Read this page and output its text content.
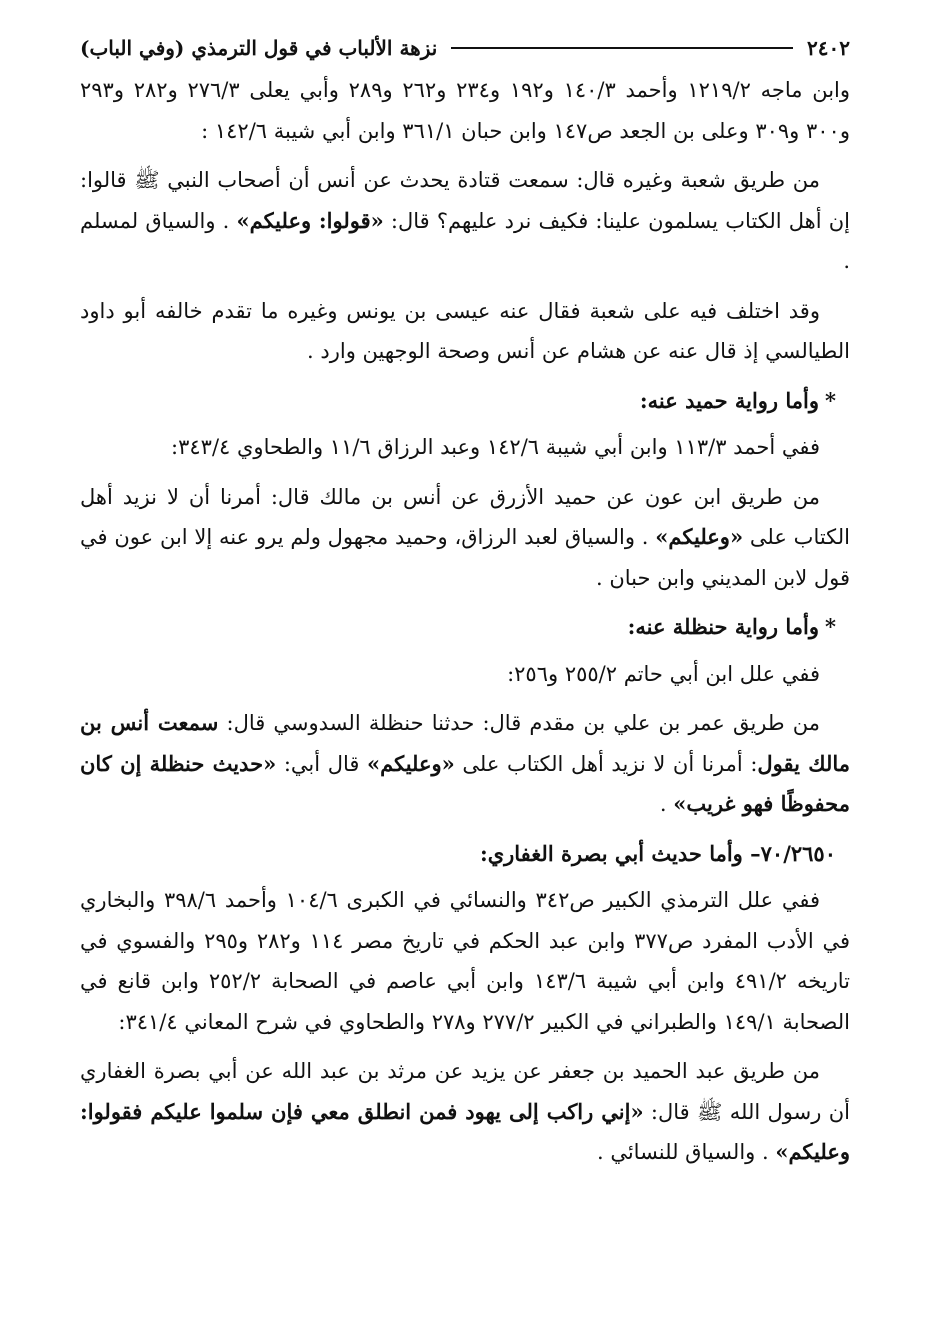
٢٤٠٢
نزهة الألباب في قول الترمذي (وفي الباب)

وابن ماجه ١٢١٩/٢ وأحمد ١٤٠/٣ و١٩٢ و٢٣٤ و٢٦٢ و٢٨٩ وأبي يعلى ٢٧٦/٣ و٢٨٢ و٢٩٣ و٣٠٠ و٣٠٩ وعلى بن الجعد ص١٤٧ وابن حبان ٣٦١/١ وابن أبي شيبة ١٤٢/٦ :

من طريق شعبة وغيره قال: سمعت قتادة يحدث عن أنس أن أصحاب النبي ﷺ قالوا: إن أهل الكتاب يسلمون علينا: فكيف نرد عليهم؟ قال: «قولوا: وعليكم» . والسياق لمسلم .

وقد اختلف فيه على شعبة فقال عنه عيسى بن يونس وغيره ما تقدم خالفه أبو داود الطيالسي إذ قال عنه عن هشام عن أنس وصحة الوجهين وارد .

*وأما رواية حميد عنه:

ففي أحمد ١١٣/٣ وابن أبي شيبة ١٤٢/٦ وعبد الرزاق ١١/٦ والطحاوي ٣٤٣/٤:

من طريق ابن عون عن حميد الأزرق عن أنس بن مالك قال: أمرنا أن لا نزيد أهل الكتاب على «وعليكم» . والسياق لعبد الرزاق، وحميد مجهول ولم يرو عنه إلا ابن عون في قول لابن المديني وابن حبان .

*وأما رواية حنظلة عنه:

ففي علل ابن أبي حاتم ٢٥٥/٢ و٢٥٦:

من طريق عمر بن علي بن مقدم قال: حدثنا حنظلة السدوسي قال: سمعت أنس بن مالك يقول: أمرنا أن لا نزيد أهل الكتاب على «وعليكم» قال أبي: «حديث حنظلة إن كان محفوظًا فهو غريب» .

٧٠/٢٦٥٠– وأما حديث أبي بصرة الغفاري:

ففي علل الترمذي الكبير ص٣٤٢ والنسائي في الكبرى ١٠٤/٦ وأحمد ٣٩٨/٦ والبخاري في الأدب المفرد ص٣٧٧ وابن عبد الحكم في تاريخ مصر ١١٤ و٢٨٢ و٢٩٥ والفسوي في تاريخه ٤٩١/٢ وابن أبي شيبة ١٤٣/٦ وابن أبي عاصم في الصحابة ٢٥٢/٢ وابن قانع في الصحابة ١٤٩/١ والطبراني في الكبير ٢٧٧/٢ و٢٧٨ والطحاوي في شرح المعاني ٣٤١/٤:

من طريق عبد الحميد بن جعفر عن يزيد عن مرثد بن عبد الله عن أبي بصرة الغفاري أن رسول الله ﷺ قال: «إني راكب إلى يهود فمن انطلق معي فإن سلموا عليكم فقولوا: وعليكم» . والسياق للنسائي .
